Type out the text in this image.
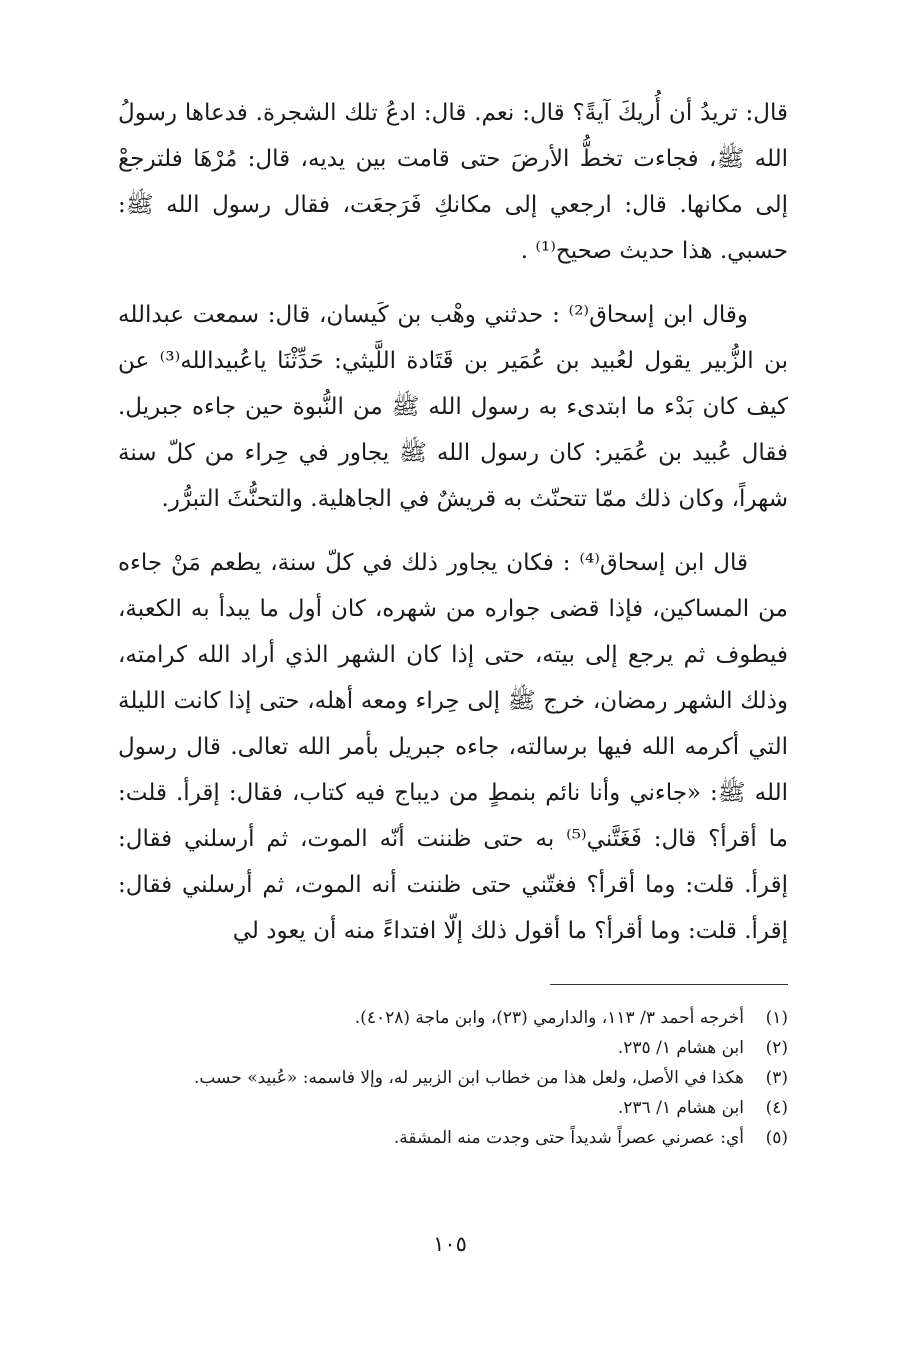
قال: تريدُ أن أُريكَ آيةً؟ قال: نعم. قال: ادعُ تلك الشجرة. فدعاها رسولُ الله ﷺ، فجاءت تخطُّ الأرضَ حتى قامت بين يديه، قال: مُرْهَا فلترجعْ إلى مكانها. قال: ارجعي إلى مكانكِ فَرَجعَت، فقال رسول الله ﷺ: حسبي. هذا حديث صحيح⁽¹⁾ .

وقال ابن إسحاق⁽²⁾ : حدثني وهْب بن كَيسان، قال: سمعت عبدالله بن الزُّبير يقول لعُبيد بن عُمَير بن قَتَادة اللَّيثي: حَدِّثْنَا ياعُبيدالله⁽³⁾ عن كيف كان بَدْء ما ابتدىء به رسول الله ﷺ من النُّبوة حين جاءه جبريل. فقال عُبيد بن عُمَير: كان رسول الله ﷺ يجاور في حِراء من كلّ سنة شهراً، وكان ذلك ممّا تتحنّث به قريشٌ في الجاهلية. والتحنُّثَ التبرُّر.

قال ابن إسحاق⁽⁴⁾ : فكان يجاور ذلك في كلّ سنة، يطعم مَنْ جاءه من المساكين، فإذا قضى جواره من شهره، كان أول ما يبدأ به الكعبة، فيطوف ثم يرجع إلى بيته، حتى إذا كان الشهر الذي أراد الله كرامته، وذلك الشهر رمضان، خرج ﷺ إلى حِراء ومعه أهله، حتى إذا كانت الليلة التي أكرمه الله فيها برسالته، جاءه جبريل بأمر الله تعالى. قال رسول الله ﷺ: «جاءني وأنا نائم بنمطٍ من ديباج فيه كتاب، فقال: إقرأ. قلت: ما أقرأ؟ قال: فَغَتَّني⁽⁵⁾ به حتى ظننت أنّه الموت، ثم أرسلني فقال: إقرأ. قلت: وما أقرأ؟ فغتّني حتى ظننت أنه الموت، ثم أرسلني فقال: إقرأ. قلت: وما أقرأ؟ ما أقول ذلك إلّا افتداءً منه أن يعود لي

(١)
أخرجه أحمد ٣/ ١١٣، والدارمي (٢٣)، وابن ماجة (٤٠٢٨).
(٢)
ابن هشام ١/ ٢٣٥.
(٣)
هكذا في الأصل، ولعل هذا من خطاب ابن الزبير له، وإلا فاسمه: «عُبيد» حسب.
(٤)
ابن هشام ١/ ٢٣٦.
(٥)
أي: عصرني عصراً شديداً حتى وجدت منه المشقة.
١٠٥
